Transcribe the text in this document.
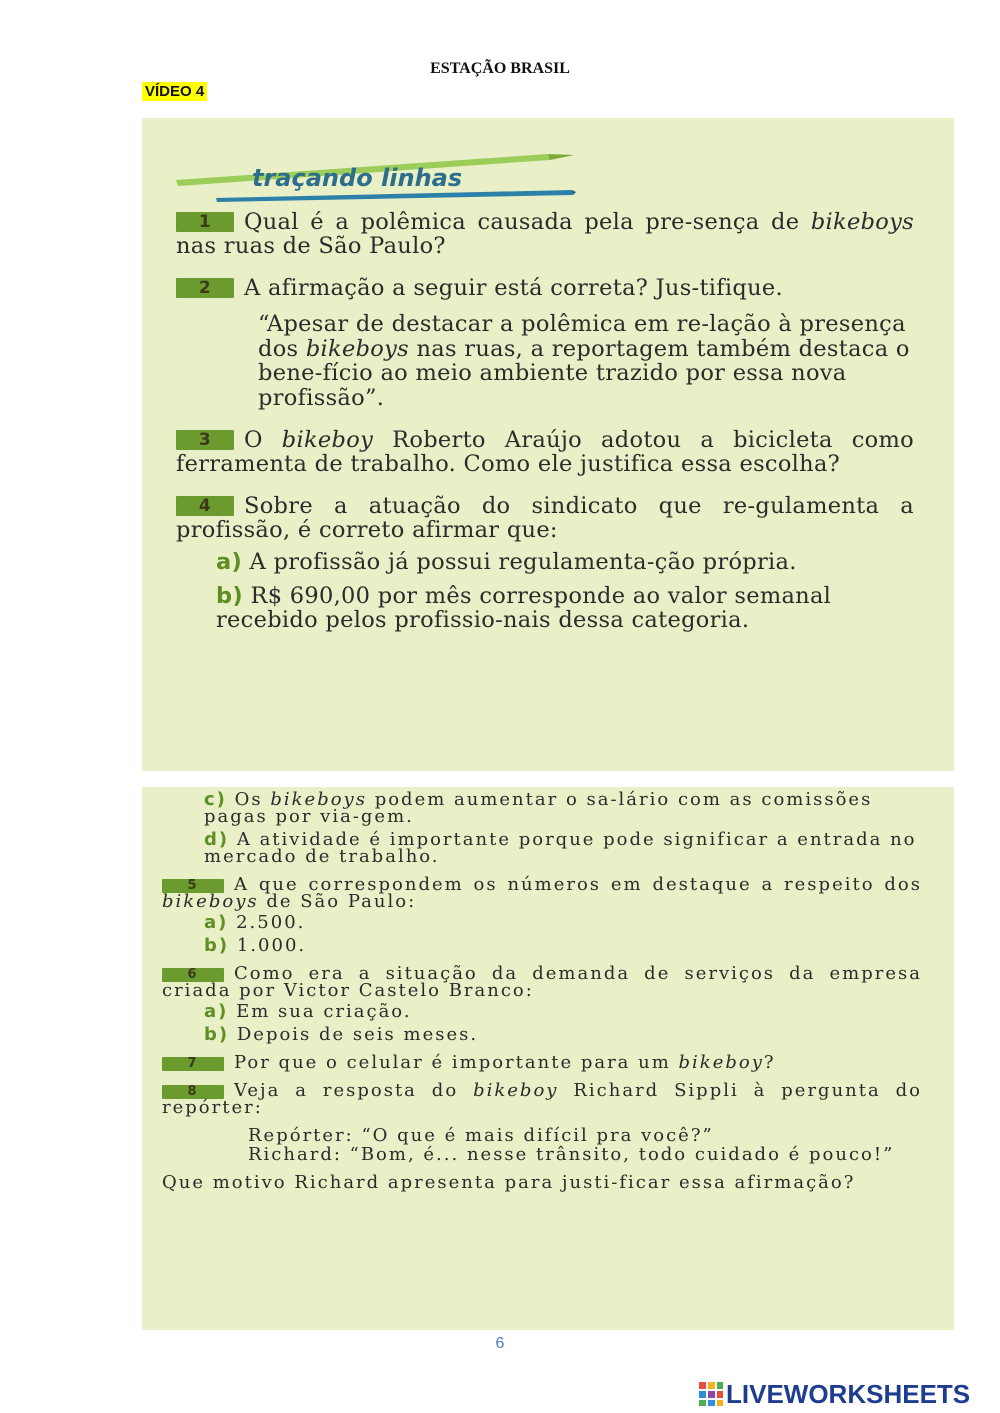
ESTAÇÃO BRASIL
VÍDEO 4
traçando linhas
1 Qual é a polêmica causada pela pre-sença de bikeboys nas ruas de São Paulo?
2 A afirmação a seguir está correta? Jus-tifique.
“Apesar de destacar a polêmica em re-lação à presença dos bikeboys nas ruas, a reportagem também destaca o bene-fício ao meio ambiente trazido por essa nova profissão”.
3 O bikeboy Roberto Araújo adotou a bicicleta como ferramenta de trabalho. Como ele justifica essa escolha?
4 Sobre a atuação do sindicato que re-gulamenta a profissão, é correto afirmar que:
a) A profissão já possui regulamenta-ção própria.
b) R$ 690,00 por mês corresponde ao valor semanal recebido pelos profissio-nais dessa categoria.
c) Os bikeboys podem aumentar o sa-lário com as comissões pagas por via-gem.
d) A atividade é importante porque pode significar a entrada no mercado de trabalho.
5 A que correspondem os números em destaque a respeito dos bikeboys de São Paulo:
a) 2.500.
b) 1.000.
6 Como era a situação da demanda de serviços da empresa criada por Victor Castelo Branco:
a) Em sua criação.
b) Depois de seis meses.
7 Por que o celular é importante para um bikeboy?
8 Veja a resposta do bikeboy Richard Sippli à pergunta do repórter:
Repórter: “O que é mais difícil pra você?”
Richard: “Bom, é... nesse trânsito, todo cuidado é pouco!”
Que motivo Richard apresenta para justi-ficar essa afirmação?
6
LIVEWORKSHEETS
